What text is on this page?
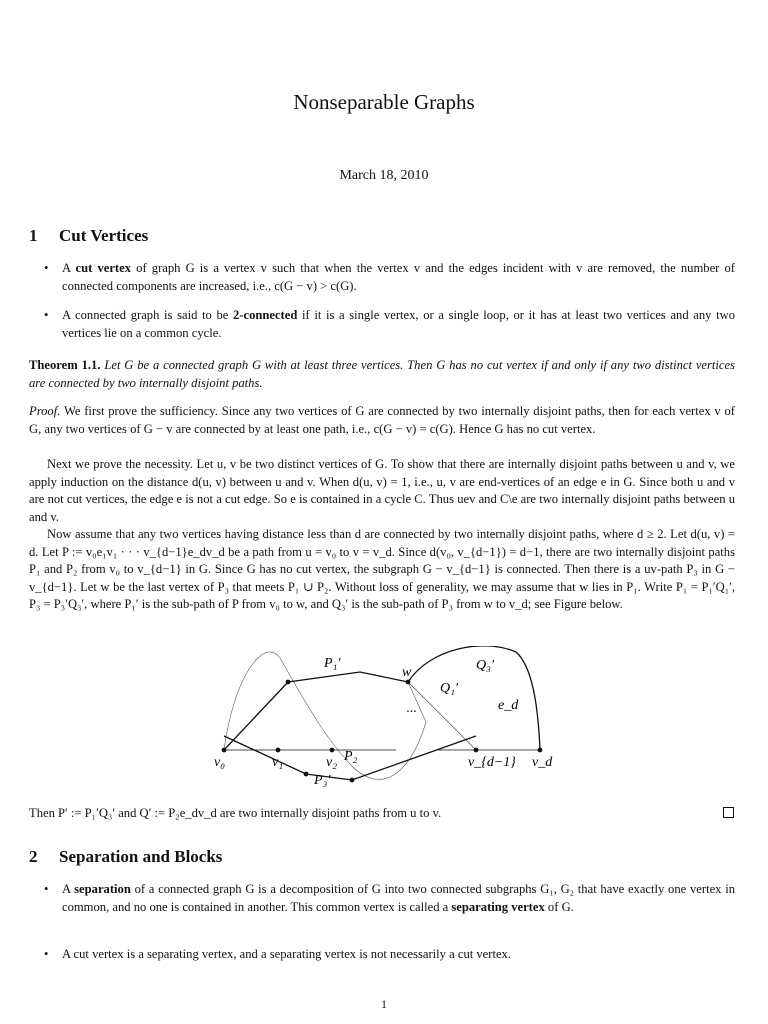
Nonseparable Graphs
March 18, 2010
1 Cut Vertices
• A cut vertex of graph G is a vertex v such that when the vertex v and the edges incident with v are removed, the number of connected components are increased, i.e., c(G − v) > c(G).
• A connected graph is said to be 2-connected if it is a single vertex, or a single loop, or it has at least two vertices and any two vertices lie on a common cycle.
Theorem 1.1. Let G be a connected graph G with at least three vertices. Then G has no cut vertex if and only if any two distinct vertices are connected by two internally disjoint paths.
Proof. We first prove the sufficiency. Since any two vertices of G are connected by two internally disjoint paths, then for each vertex v of G, any two vertices of G − v are connected by at least one path, i.e., c(G − v) = c(G). Hence G has no cut vertex.
Next we prove the necessity. Let u, v be two distinct vertices of G. To show that there are internally disjoint paths between u and v, we apply induction on the distance d(u, v) between u and v. When d(u, v) = 1, i.e., u, v are end-vertices of an edge e in G. Since both u and v are not cut vertices, the edge e is not a cut edge. So e is contained in a cycle C. Thus uev and C\e are two internally disjoint paths between u and v.
Now assume that any two vertices having distance less than d are connected by two internally disjoint paths, where d ≥ 2. Let d(u, v) = d. Let P := v₀e₁v₁ · · · v_{d−1}e_dv_d be a path from u = v₀ to v = v_d. Since d(v₀, v_{d−1}) = d−1, there are two internally disjoint paths P₁ and P₂ from v₀ to v_{d−1} in G. Since G has no cut vertex, the subgraph G − v_{d−1} is connected. Then there is a uv-path P₃ in G − v_{d−1}. Let w be the last vertex of P₃ that meets P₁ ∪ P₂. Without loss of generality, we may assume that w lies in P₁. Write P₁ = P₁′Q₁′, P₃ = P₃′Q₃′, where P₁′ is the sub-path of P from v₀ to w, and Q₃′ is the sub-path of P₃ from w to v_d; see Figure below.
P₁′
w	Q₃′
Q₁′
e_d
···
v₀	v₁	v₂	v_{d−1} v_d
P₂
P₃′
Then P′ := P₁′Q₃′ and Q′ := P₂e_dv_d are two internally disjoint paths from u to v.
2 Separation and Blocks
• A separation of a connected graph G is a decomposition of G into two connected subgraphs G₁, G₂ that have exactly one vertex in common, and no one is contained in another. This common vertex is called a separating vertex of G.
• A cut vertex is a separating vertex, and a separating vertex is not necessarily a cut vertex.
1
